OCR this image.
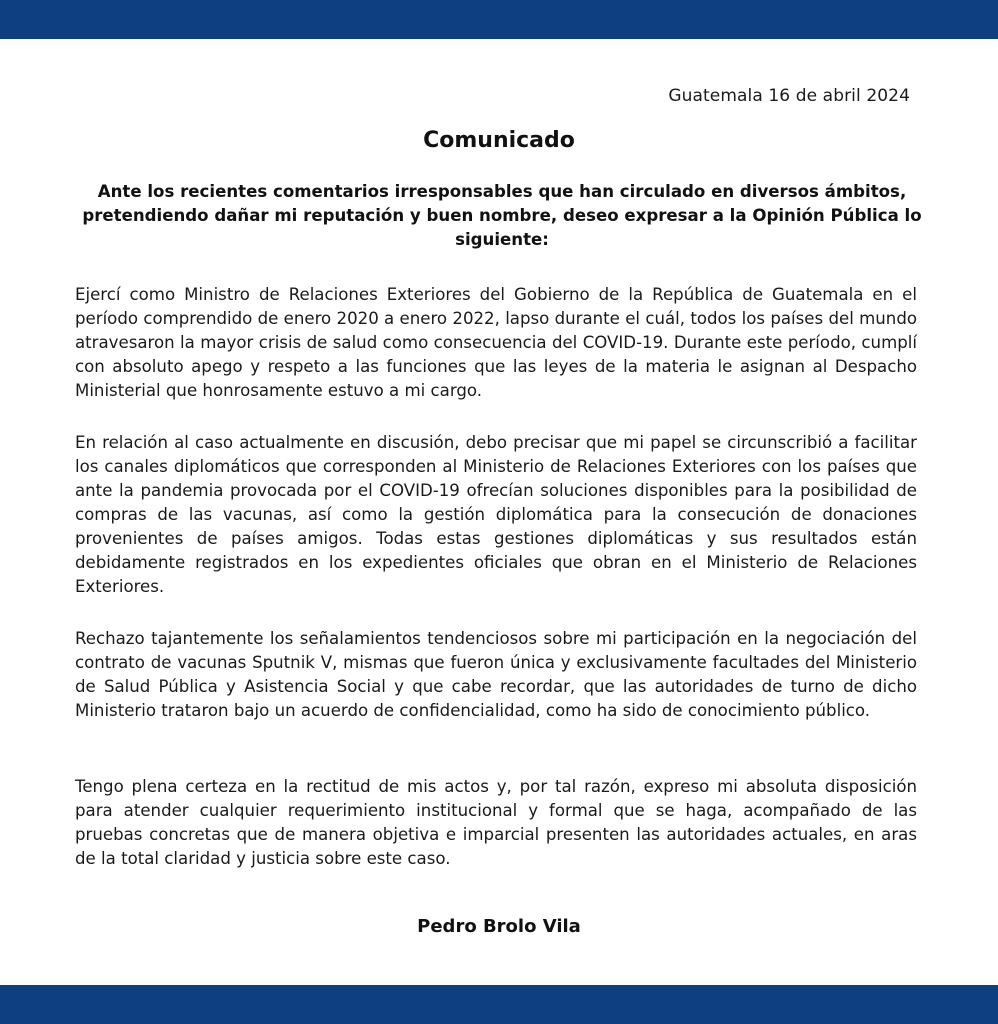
Guatemala 16 de abril 2024
Comunicado
Ante los recientes comentarios irresponsables que han circulado en diversos ámbitos, pretendiendo dañar mi reputación y buen nombre, deseo expresar a la Opinión Pública lo siguiente:
Ejercí como Ministro de Relaciones Exteriores del Gobierno de la República de Guatemala en el período comprendido de enero 2020 a enero 2022, lapso durante el cuál, todos los países del mundo atravesaron la mayor crisis de salud como consecuencia del COVID-19. Durante este período, cumplí con absoluto apego y respeto a las funciones que las leyes de la materia le asignan al Despacho Ministerial que honrosamente estuvo a mi cargo.
En relación al caso actualmente en discusión, debo precisar que mi papel se circunscribió a facilitar los canales diplomáticos que corresponden al Ministerio de Relaciones Exteriores con los países que ante la pandemia provocada por el COVID-19 ofrecían soluciones disponibles para la posibilidad de compras de las vacunas, así como la gestión diplomática para la consecución de donaciones provenientes de países amigos. Todas estas gestiones diplomáticas y sus resultados están debidamente registrados en los expedientes oficiales que obran en el Ministerio de Relaciones Exteriores.
Rechazo tajantemente los señalamientos tendenciosos sobre mi participación en la negociación del contrato de vacunas Sputnik V, mismas que fueron única y exclusivamente facultades del Ministerio de Salud Pública y Asistencia Social y que cabe recordar, que las autoridades de turno de dicho Ministerio trataron bajo un acuerdo de confidencialidad, como ha sido de conocimiento público.
Tengo plena certeza en la rectitud de mis actos y, por tal razón, expreso mi absoluta disposición para atender cualquier requerimiento institucional y formal que se haga, acompañado de las pruebas concretas que de manera objetiva e imparcial presenten las autoridades actuales, en aras de la total claridad y justicia sobre este caso.
Pedro Brolo Vila
